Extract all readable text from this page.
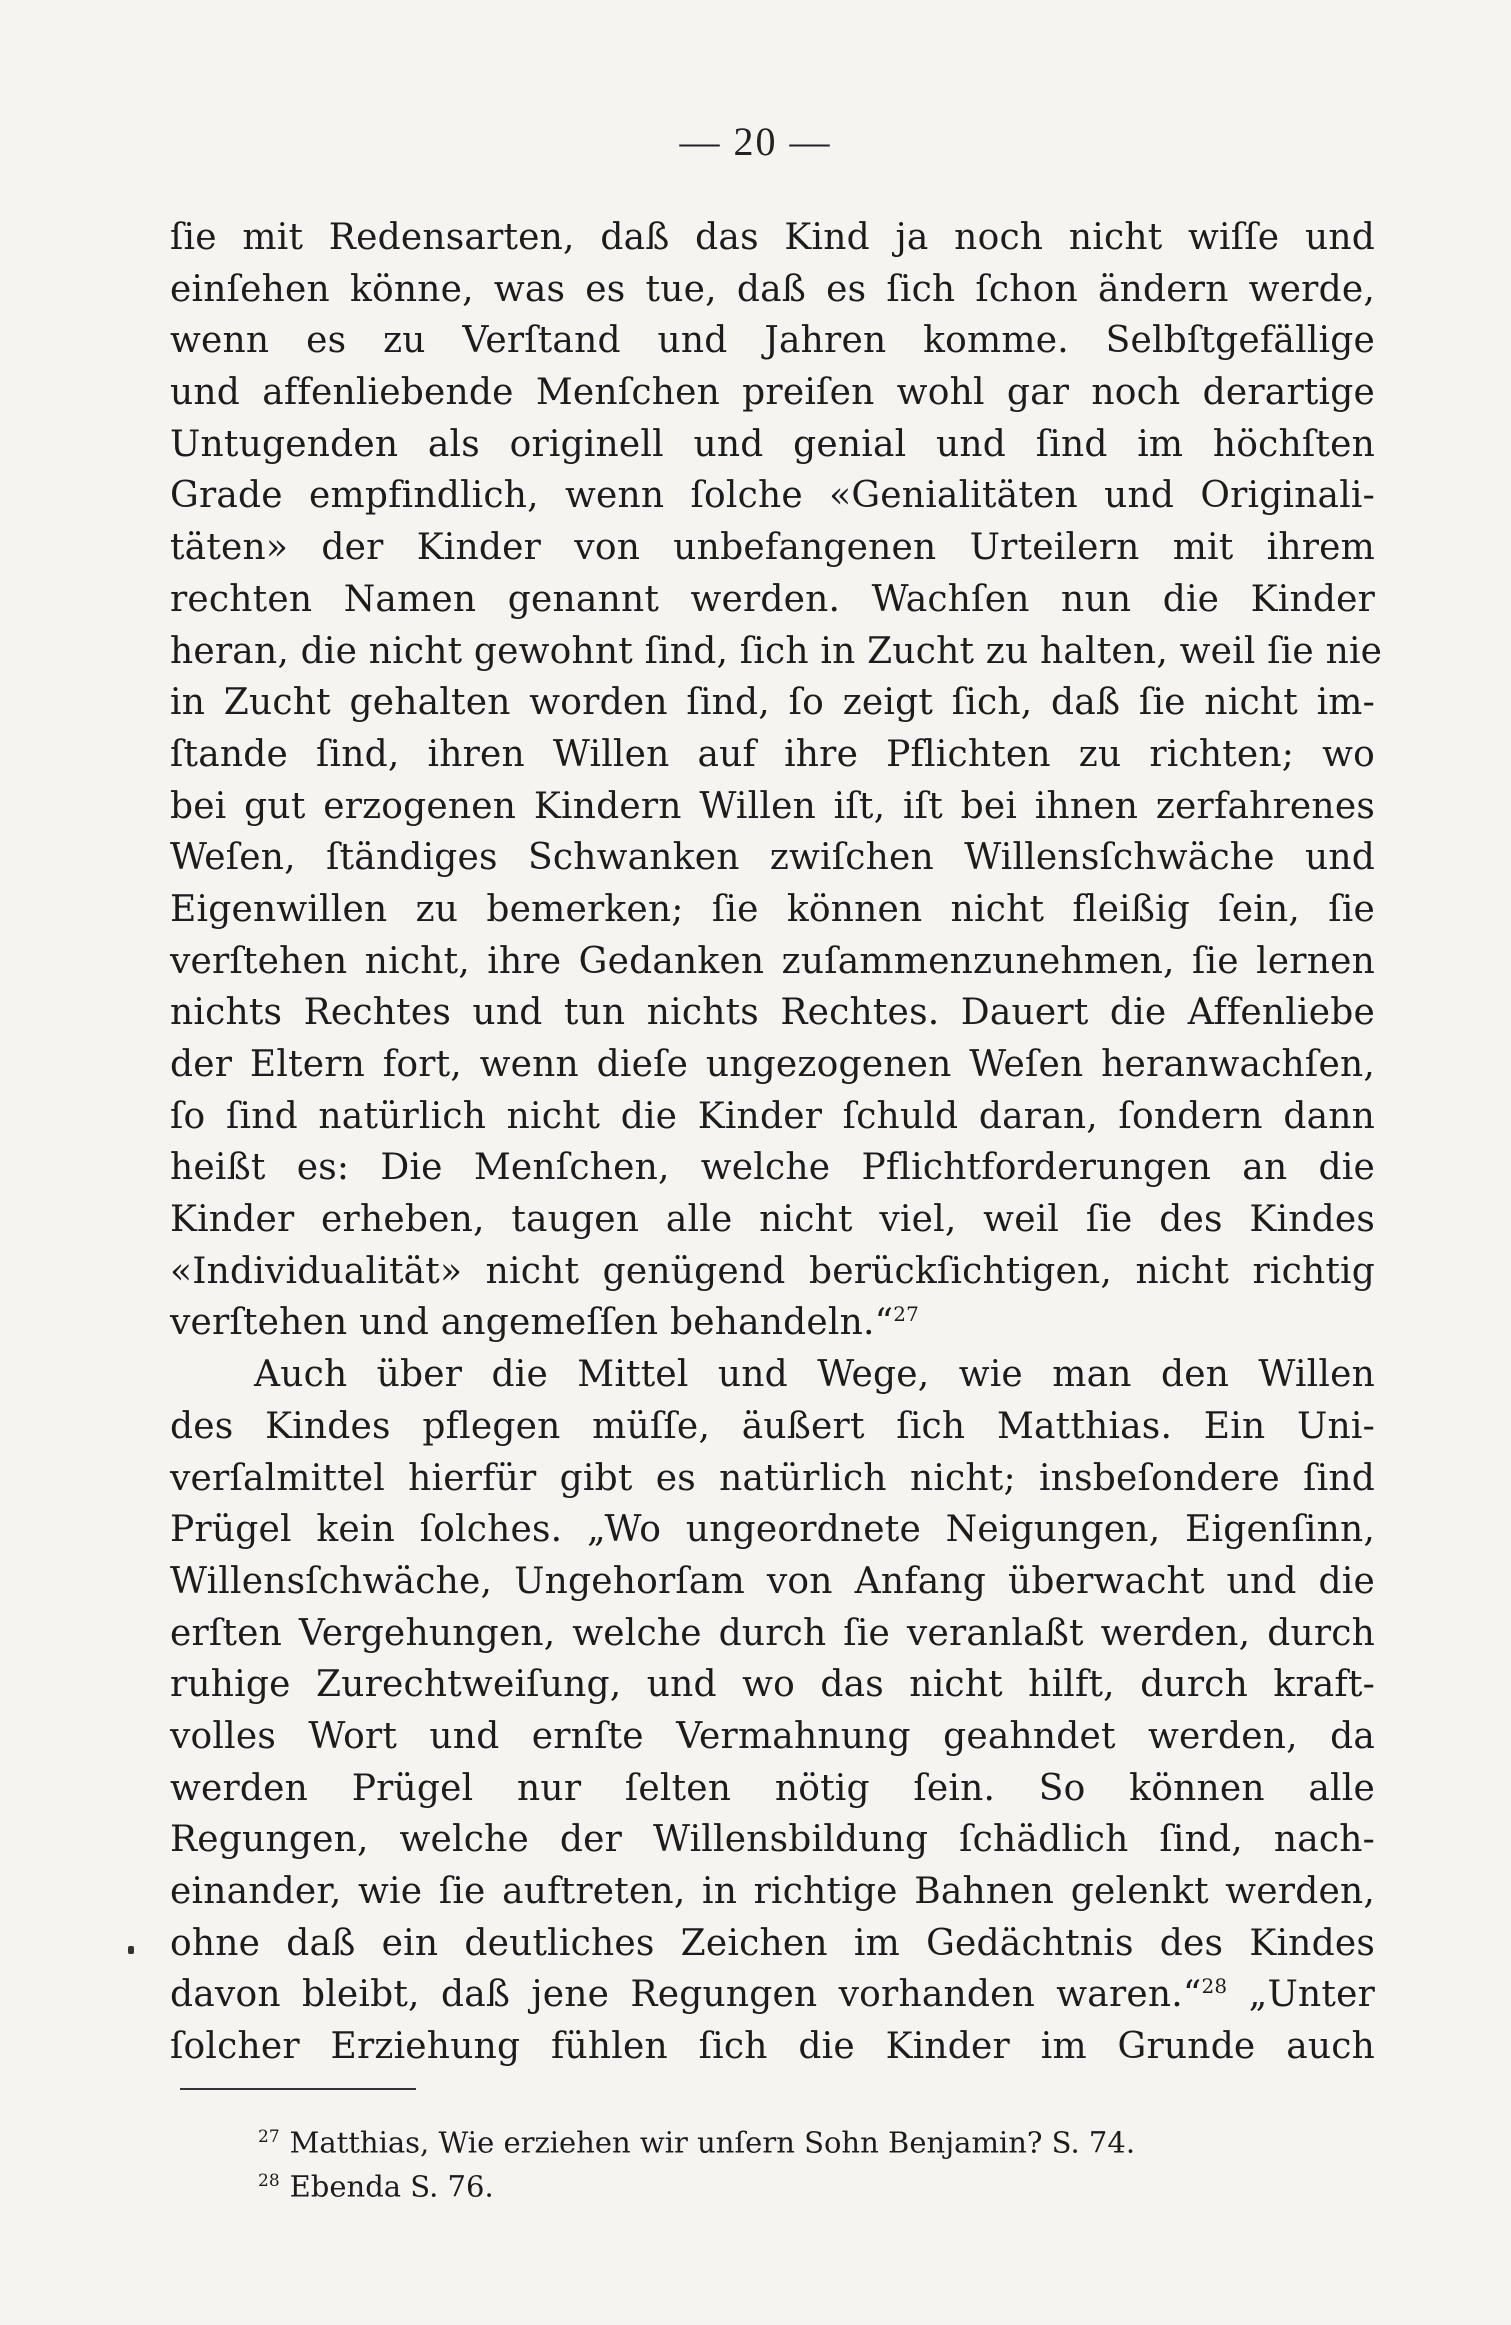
— 20 —
ſie mit Redensarten, daß das Kind ja noch nicht wiſſe und
einſehen könne, was es tue, daß es ſich ſchon ändern werde,
wenn es zu Verſtand und Jahren komme. Selbſtgefällige
und affenliebende Menſchen preiſen wohl gar noch derartige
Untugenden als originell und genial und ſind im höchſten
Grade empfindlich, wenn ſolche «Genialitäten und Originali-
täten» der Kinder von unbefangenen Urteilern mit ihrem
rechten Namen genannt werden. Wachſen nun die Kinder
heran, die nicht gewohnt ſind, ſich in Zucht zu halten, weil ſie nie
in Zucht gehalten worden ſind, ſo zeigt ſich, daß ſie nicht im-
ſtande ſind, ihren Willen auf ihre Pflichten zu richten; wo
bei gut erzogenen Kindern Willen iſt, iſt bei ihnen zerfahrenes
Weſen, ſtändiges Schwanken zwiſchen Willensſchwäche und
Eigenwillen zu bemerken; ſie können nicht fleißig ſein, ſie
verſtehen nicht, ihre Gedanken zuſammenzunehmen, ſie lernen
nichts Rechtes und tun nichts Rechtes. Dauert die Affenliebe
der Eltern fort, wenn dieſe ungezogenen Weſen heranwachſen,
ſo ſind natürlich nicht die Kinder ſchuld daran, ſondern dann
heißt es: Die Menſchen, welche Pflichtforderungen an die
Kinder erheben, taugen alle nicht viel, weil ſie des Kindes
«Individualität» nicht genügend berückſichtigen, nicht richtig
verſtehen und angemeſſen behandeln.“$^{27}$
Auch über die Mittel und Wege, wie man den Willen
des Kindes pflegen müſſe, äußert ſich Matthias. Ein Uni-
verſalmittel hierfür gibt es natürlich nicht; insbeſondere ſind
Prügel kein ſolches. „Wo ungeordnete Neigungen, Eigenſinn,
Willensſchwäche, Ungehorſam von Anfang überwacht und die
erſten Vergehungen, welche durch ſie veranlaßt werden, durch
ruhige Zurechtweiſung, und wo das nicht hilft, durch kraft-
volles Wort und ernſte Vermahnung geahndet werden, da
werden Prügel nur ſelten nötig ſein. So können alle
Regungen, welche der Willensbildung ſchädlich ſind, nach-
einander, wie ſie auftreten, in richtige Bahnen gelenkt werden,
ohne daß ein deutliches Zeichen im Gedächtnis des Kindes
davon bleibt, daß jene Regungen vorhanden waren.“$^{28}$ „Unter
ſolcher Erziehung fühlen ſich die Kinder im Grunde auch
$^{27}$ Matthias, Wie erziehen wir unſern Sohn Benjamin? S. 74.
$^{28}$ Ebenda S. 76.
